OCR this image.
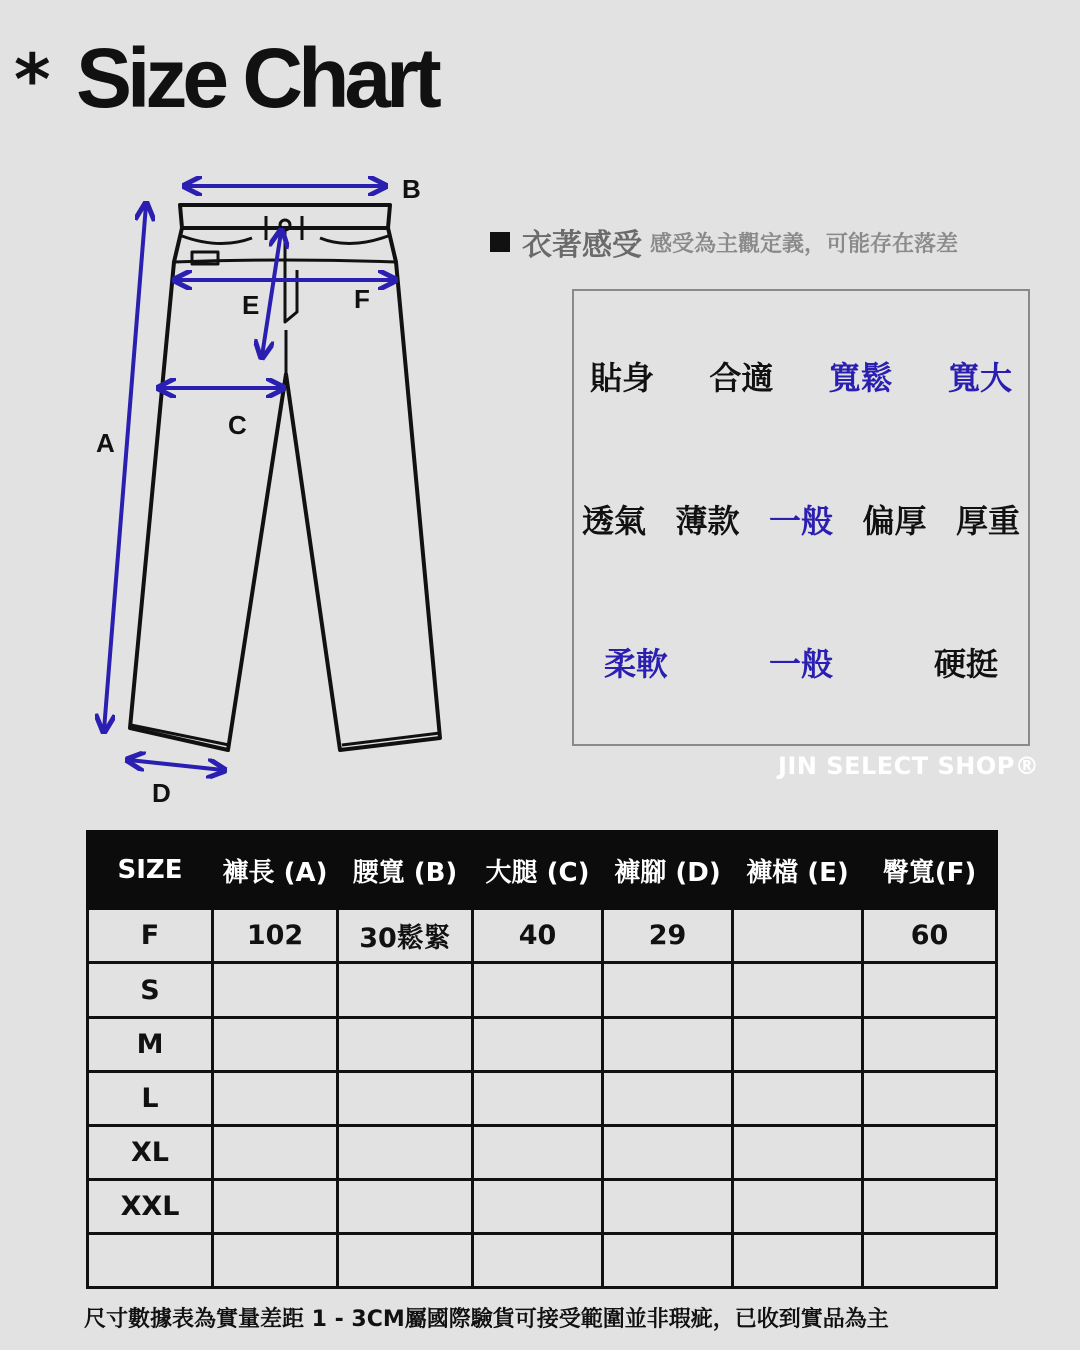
* Size Chart
A
B
C
D
E	F
衣著感受 感受為主觀定義，可能存在落差
貼身 合適 寬鬆 寬大
透氣 薄款 一般 偏厚 厚重
柔軟	一般	硬挺
JIN SELECT SHOP®
SIZE	褲長 (A)	腰寬 (B)	大腿 (C)	褲腳 (D)	褲檔 (E)	臀寬(F)
F	102	30鬆緊	40	29		60
S						
M						
L						
XL						
XXL						

尺寸數據表為實量差距 1 - 3CM屬國際驗貨可接受範圍並非瑕疵，已收到實品為主
